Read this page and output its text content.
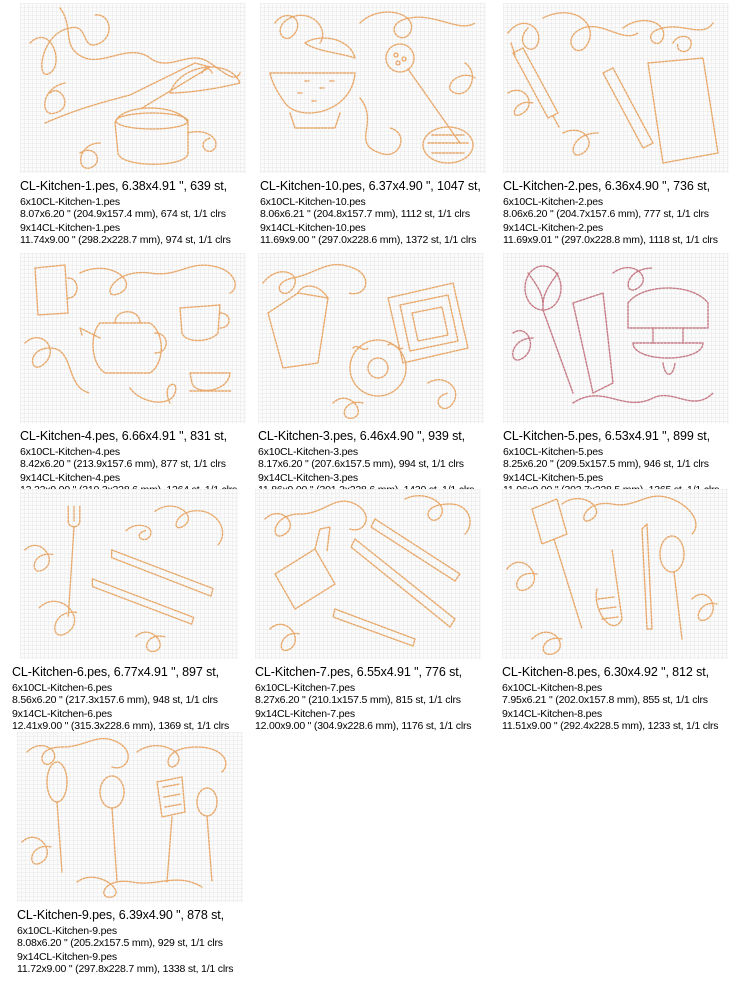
CL-Kitchen-1.pes, 6.38x4.91 ", 639 st,
6x10CL-Kitchen-1.pes
8.07x6.20 " (204.9x157.4 mm), 674 st, 1/1 clrs
9x14CL-Kitchen-1.pes
11.74x9.00 " (298.2x228.7 mm), 974 st, 1/1 clrs
CL-Kitchen-10.pes, 6.37x4.90 ", 1047 st,
6x10CL-Kitchen-10.pes
8.06x6.21 " (204.8x157.7 mm), 1112 st, 1/1 clrs
9x14CL-Kitchen-10.pes
11.69x9.00 " (297.0x228.6 mm), 1372 st, 1/1 clrs
CL-Kitchen-2.pes, 6.36x4.90 ", 736 st,
6x10CL-Kitchen-2.pes
8.06x6.20 " (204.7x157.6 mm), 777 st, 1/1 clrs
9x14CL-Kitchen-2.pes
11.69x9.01 " (297.0x228.8 mm), 1118 st, 1/1 clrs
CL-Kitchen-4.pes, 6.66x4.91 ", 831 st,
6x10CL-Kitchen-4.pes
8.42x6.20 " (213.9x157.6 mm), 877 st, 1/1 clrs
9x14CL-Kitchen-4.pes
CL-Kitchen-3.pes, 6.46x4.90 ", 939 st,
6x10CL-Kitchen-3.pes
8.17x6.20 " (207.6x157.5 mm), 994 st, 1/1 clrs
9x14CL-Kitchen-3.pes
CL-Kitchen-5.pes, 6.53x4.91 ", 899 st,
6x10CL-Kitchen-5.pes
8.25x6.20 " (209.5x157.5 mm), 946 st, 1/1 clrs
9x14CL-Kitchen-5.pes
CL-Kitchen-6.pes, 6.77x4.91 ", 897 st,
6x10CL-Kitchen-6.pes
8.56x6.20 " (217.3x157.6 mm), 948 st, 1/1 clrs
9x14CL-Kitchen-6.pes
12.41x9.00 " (315.3x228.6 mm), 1369 st, 1/1 clrs
CL-Kitchen-7.pes, 6.55x4.91 ", 776 st,
6x10CL-Kitchen-7.pes
8.27x6.20 " (210.1x157.5 mm), 815 st, 1/1 clrs
9x14CL-Kitchen-7.pes
12.00x9.00 " (304.9x228.6 mm), 1176 st, 1/1 clrs
CL-Kitchen-8.pes, 6.30x4.92 ", 812 st,
6x10CL-Kitchen-8.pes
7.95x6.21 " (202.0x157.8 mm), 855 st, 1/1 clrs
9x14CL-Kitchen-8.pes
11.51x9.00 " (292.4x228.5 mm), 1233 st, 1/1 clrs
CL-Kitchen-9.pes, 6.39x4.90 ", 878 st,
6x10CL-Kitchen-9.pes
8.08x6.20 " (205.2x157.5 mm), 929 st, 1/1 clrs
9x14CL-Kitchen-9.pes
11.72x9.00 " (297.8x228.7 mm), 1338 st, 1/1 clrs
